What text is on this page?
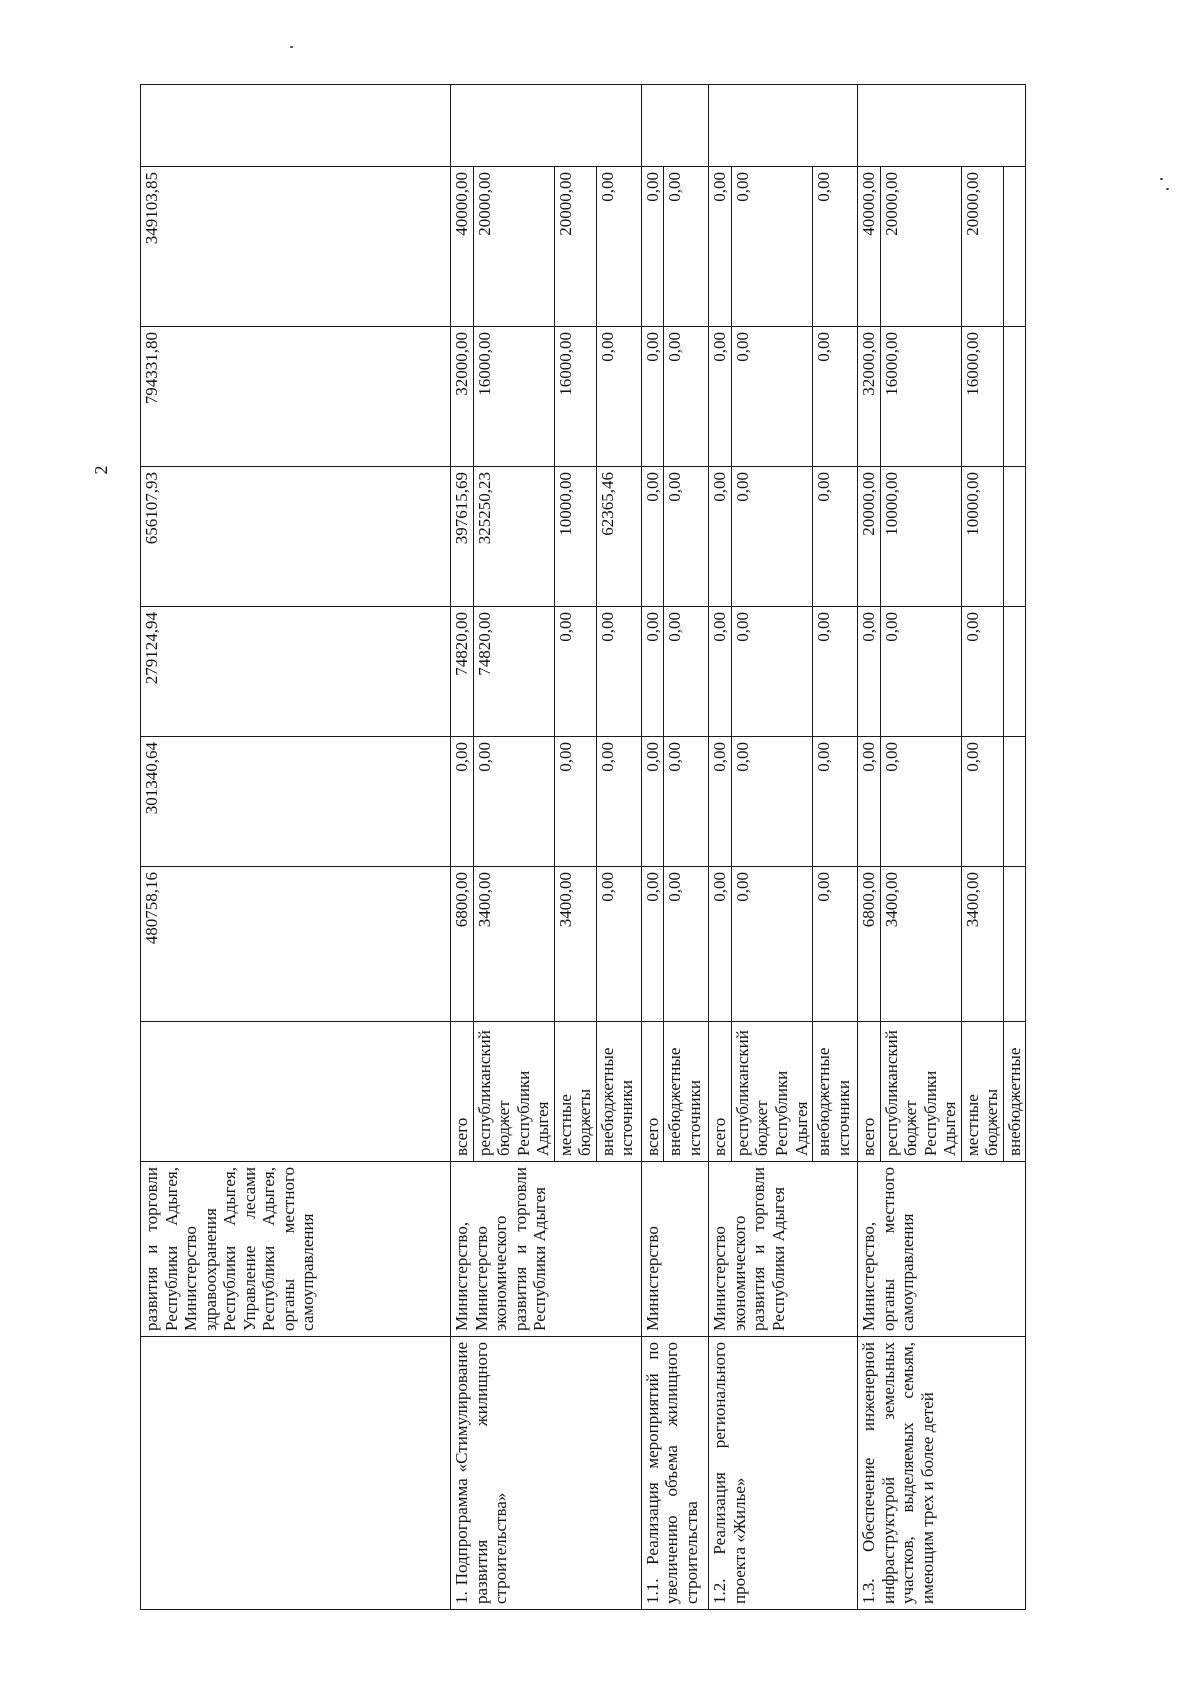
2
	развития и торговли Республики Адыгея, Министерство здравоохранения Республики Адыгея, Управление лесами Республики Адыгея, органы местного самоуправления		480758,16	301340,64	279124,94	656107,93	794331,80	349103,85	
1. Подпрограмма «Стимулирование развития жилищного строительства»	Министерство, Министерство экономического развития и торговли Республики Адыгея	всего	6800,00	0,00	74820,00	397615,69	32000,00	40000,00	
		республиканский бюджет Республики Адыгея	3400,00	0,00	74820,00	325250,23	16000,00	20000,00	
		местные бюджеты	3400,00	0,00	0,00	10000,00	16000,00	20000,00	
		внебюджетные источники	0,00	0,00	0,00	62365,46	0,00	0,00	
1.1. Реализация мероприятий по увеличению объема жилищного строительства	Министерство	всего	0,00	0,00	0,00	0,00	0,00	0,00	
		внебюджетные источники	0,00	0,00	0,00	0,00	0,00	0,00	
1.2. Реализация регионального проекта «Жилье»	Министерство экономического развития и торговли Республики Адыгея	всего	0,00	0,00	0,00	0,00	0,00	0,00	
		республиканский бюджет Республики Адыгея	0,00	0,00	0,00	0,00	0,00	0,00	
		внебюджетные источники	0,00	0,00	0,00	0,00	0,00	0,00	
1.3. Обеспечение инженерной инфраструктурой земельных участков, выделяемых семьям, имеющим трех и более детей	Министерство, органы местного самоуправления	всего	6800,00	0,00	0,00	20000,00	32000,00	40000,00	
		республиканский бюджет Республики Адыгея	3400,00	0,00	0,00	10000,00	16000,00	20000,00	
		местные бюджеты	3400,00	0,00	0,00	10000,00	16000,00	20000,00	
		внебюджетные							
